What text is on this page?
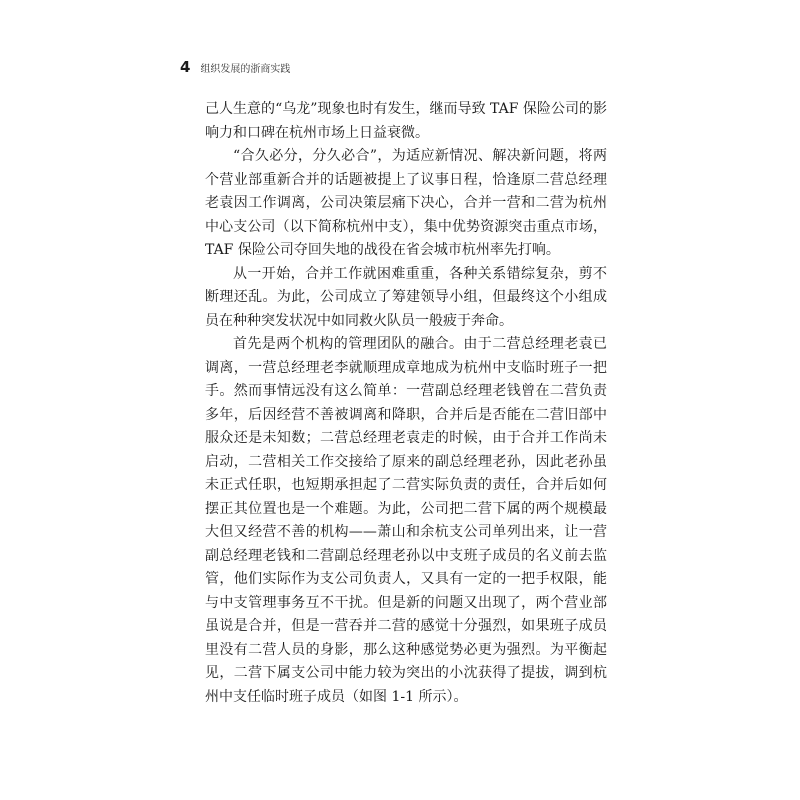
4 组织发展的浙商实践

己人生意的“乌龙”现象也时有发生，继而导致 TAF 保险公司的影响力和口碑在杭州市场上日益衰微。

“合久必分，分久必合”，为适应新情况、解决新问题，将两个营业部重新合并的话题被提上了议事日程，恰逢原二营总经理老袁因工作调离，公司决策层痛下决心，合并一营和二营为杭州中心支公司（以下简称杭州中支），集中优势资源突击重点市场，TAF 保险公司夺回失地的战役在省会城市杭州率先打响。

从一开始，合并工作就困难重重，各种关系错综复杂，剪不断理还乱。为此，公司成立了筹建领导小组，但最终这个小组成员在种种突发状况中如同救火队员一般疲于奔命。

首先是两个机构的管理团队的融合。由于二营总经理老袁已调离，一营总经理老李就顺理成章地成为杭州中支临时班子一把手。然而事情远没有这么简单：一营副总经理老钱曾在二营负责多年，后因经营不善被调离和降职，合并后是否能在二营旧部中服众还是未知数；二营总经理老袁走的时候，由于合并工作尚未启动，二营相关工作交接给了原来的副总经理老孙，因此老孙虽未正式任职，也短期承担起了二营实际负责的责任，合并后如何摆正其位置也是一个难题。为此，公司把二营下属的两个规模最大但又经营不善的机构——萧山和余杭支公司单列出来，让一营副总经理老钱和二营副总经理老孙以中支班子成员的名义前去监管，他们实际作为支公司负责人，又具有一定的一把手权限，能与中支管理事务互不干扰。但是新的问题又出现了，两个营业部虽说是合并，但是一营吞并二营的感觉十分强烈，如果班子成员里没有二营人员的身影，那么这种感觉势必更为强烈。为平衡起见，二营下属支公司中能力较为突出的小沈获得了提拔，调到杭州中支任临时班子成员（如图 1-1 所示）。
